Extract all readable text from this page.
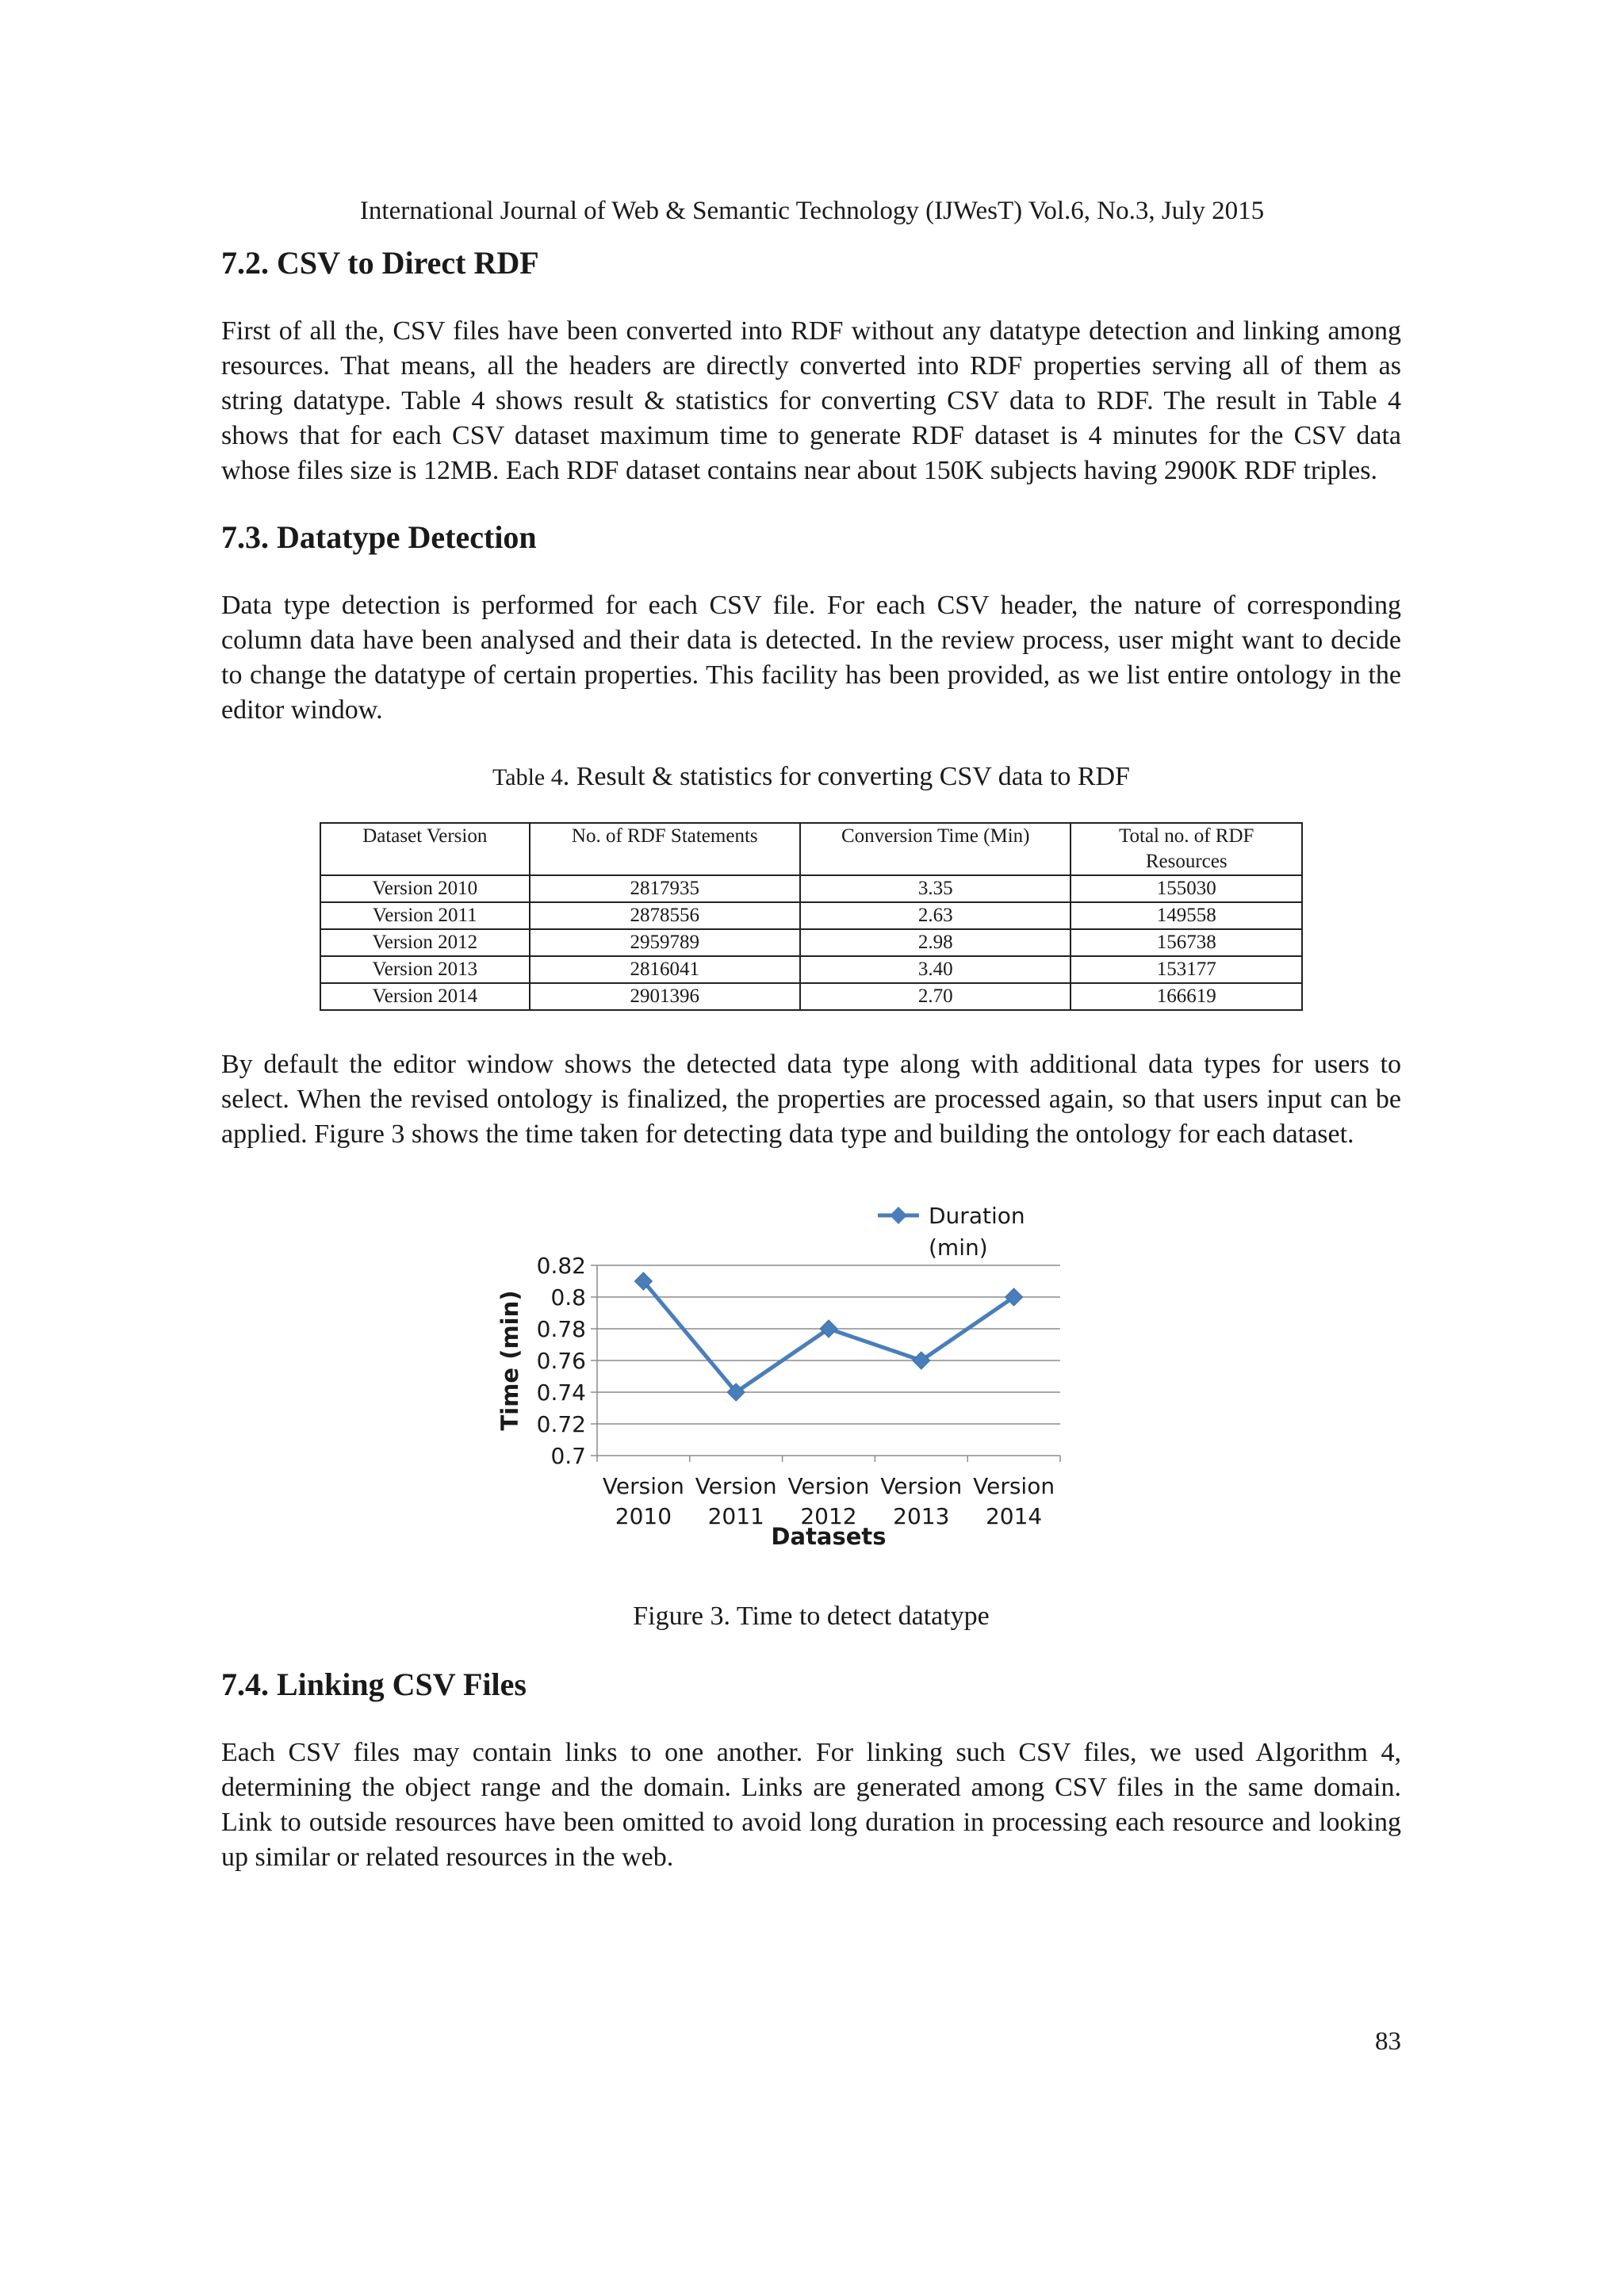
International Journal of Web & Semantic Technology (IJWesT) Vol.6, No.3, July 2015
7.2. CSV to Direct RDF

First of all the, CSV files have been converted into RDF without any datatype detection and linking among resources. That means, all the headers are directly converted into RDF properties serving all of them as string datatype. Table 4 shows result & statistics for converting CSV data to RDF. The result in Table 4 shows that for each CSV dataset maximum time to generate RDF dataset is 4 minutes for the CSV data whose files size is 12MB. Each RDF dataset contains near about 150K subjects having 2900K RDF triples.

7.3. Datatype Detection

Data type detection is performed for each CSV file. For each CSV header, the nature of corresponding column data have been analysed and their data is detected. In the review process, user might want to decide to change the datatype of certain properties. This facility has been provided, as we list entire ontology in the editor window.

Table 4. Result & statistics for converting CSV data to RDF
Dataset Version	No. of RDF Statements	Conversion Time (Min)	Total no. of RDF Resources
Version 2010	2817935	3.35	155030
Version 2011	2878556	2.63	149558
Version 2012	2959789	2.98	156738
Version 2013	2816041	3.40	153177
Version 2014	2901396	2.70	166619

By default the editor window shows the detected data type along with additional data types for users to select. When the revised ontology is finalized, the properties are processed again, so that users input can be applied. Figure 3 shows the time taken for detecting data type and building the ontology for each dataset.

0.82
0.8
0.78
0.76
0.74
0.72
0.7
Version
2010
Version
2011
Version
2012
Version
2013
Version
2014
Datasets
Time (min)
Duration
(min)
Figure 3. Time to detect datatype
7.4. Linking CSV Files

Each CSV files may contain links to one another. For linking such CSV files, we used Algorithm 4, determining the object range and the domain. Links are generated among CSV files in the same domain. Link to outside resources have been omitted to avoid long duration in processing each resource and looking up similar or related resources in the web.

83
